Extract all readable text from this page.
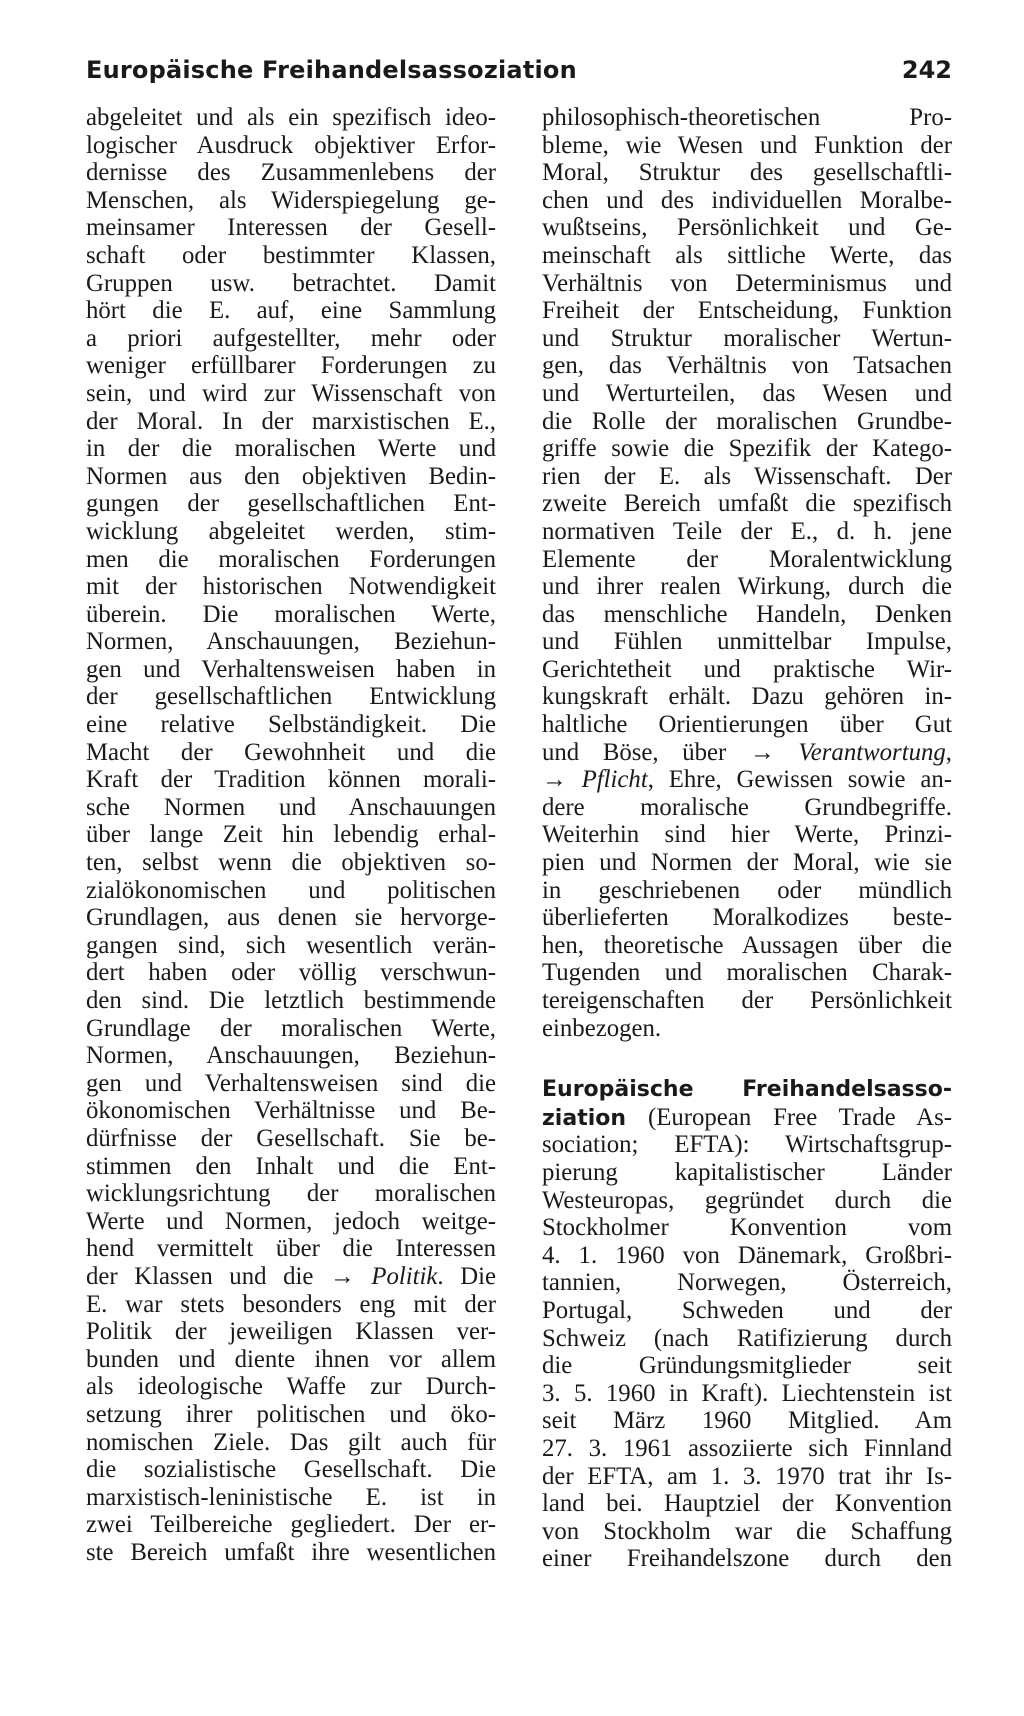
Europäische Freihandelsassoziation	242
abgeleitet und als ein spezifisch ideo-
logischer Ausdruck objektiver Erfor-
dernisse des Zusammenlebens der
Menschen, als Widerspiegelung ge-
meinsamer Interessen der Gesell-
schaft oder bestimmter Klassen,
Gruppen usw. betrachtet. Damit
hört die E. auf, eine Sammlung
a priori aufgestellter, mehr oder
weniger erfüllbarer Forderungen zu
sein, und wird zur Wissenschaft von
der Moral. In der marxistischen E.,
in der die moralischen Werte und
Normen aus den objektiven Bedin-
gungen der gesellschaftlichen Ent-
wicklung abgeleitet werden, stim-
men die moralischen Forderungen
mit der historischen Notwendigkeit
überein. Die moralischen Werte,
Normen, Anschauungen, Beziehun-
gen und Verhaltensweisen haben in
der gesellschaftlichen Entwicklung
eine relative Selbständigkeit. Die
Macht der Gewohnheit und die
Kraft der Tradition können morali-
sche Normen und Anschauungen
über lange Zeit hin lebendig erhal-
ten, selbst wenn die objektiven so-
zialökonomischen und politischen
Grundlagen, aus denen sie hervorge-
gangen sind, sich wesentlich verän-
dert haben oder völlig verschwun-
den sind. Die letztlich bestimmende
Grundlage der moralischen Werte,
Normen, Anschauungen, Beziehun-
gen und Verhaltensweisen sind die
ökonomischen Verhältnisse und Be-
dürfnisse der Gesellschaft. Sie be-
stimmen den Inhalt und die Ent-
wicklungsrichtung der moralischen
Werte und Normen, jedoch weitge-
hend vermittelt über die Interessen
der Klassen und die → Politik. Die
E. war stets besonders eng mit der
Politik der jeweiligen Klassen ver-
bunden und diente ihnen vor allem
als ideologische Waffe zur Durch-
setzung ihrer politischen und öko-
nomischen Ziele. Das gilt auch für
die sozialistische Gesellschaft. Die
marxistisch-leninistische E. ist in
zwei Teilbereiche gegliedert. Der er-
ste Bereich umfaßt ihre wesentlichen
philosophisch-theoretischen Pro-
bleme, wie Wesen und Funktion der
Moral, Struktur des gesellschaftli-
chen und des individuellen Moralbe-
wußtseins, Persönlichkeit und Ge-
meinschaft als sittliche Werte, das
Verhältnis von Determinismus und
Freiheit der Entscheidung, Funktion
und Struktur moralischer Wertun-
gen, das Verhältnis von Tatsachen
und Werturteilen, das Wesen und
die Rolle der moralischen Grundbe-
griffe sowie die Spezifik der Katego-
rien der E. als Wissenschaft. Der
zweite Bereich umfaßt die spezifisch
normativen Teile der E., d. h. jene
Elemente der Moralentwicklung
und ihrer realen Wirkung, durch die
das menschliche Handeln, Denken
und Fühlen unmittelbar Impulse,
Gerichtetheit und praktische Wir-
kungskraft erhält. Dazu gehören in-
haltliche Orientierungen über Gut
und Böse, über → Verantwortung,
→ Pflicht, Ehre, Gewissen sowie an-
dere moralische Grundbegriffe.
Weiterhin sind hier Werte, Prinzi-
pien und Normen der Moral, wie sie
in geschriebenen oder mündlich
überlieferten Moralkodizes beste-
hen, theoretische Aussagen über die
Tugenden und moralischen Charak-
tereigenschaften der Persönlichkeit
einbezogen.
Europäische Freihandelsasso-
ziation (European Free Trade As-
sociation; EFTA): Wirtschaftsgrup-
pierung kapitalistischer Länder
Westeuropas, gegründet durch die
Stockholmer Konvention vom
4. 1. 1960 von Dänemark, Großbri-
tannien, Norwegen, Österreich,
Portugal, Schweden und der
Schweiz (nach Ratifizierung durch
die Gründungsmitglieder seit
3. 5. 1960 in Kraft). Liechtenstein ist
seit März 1960 Mitglied. Am
27. 3. 1961 assoziierte sich Finnland
der EFTA, am 1. 3. 1970 trat ihr Is-
land bei. Hauptziel der Konvention
von Stockholm war die Schaffung
einer Freihandelszone durch den
